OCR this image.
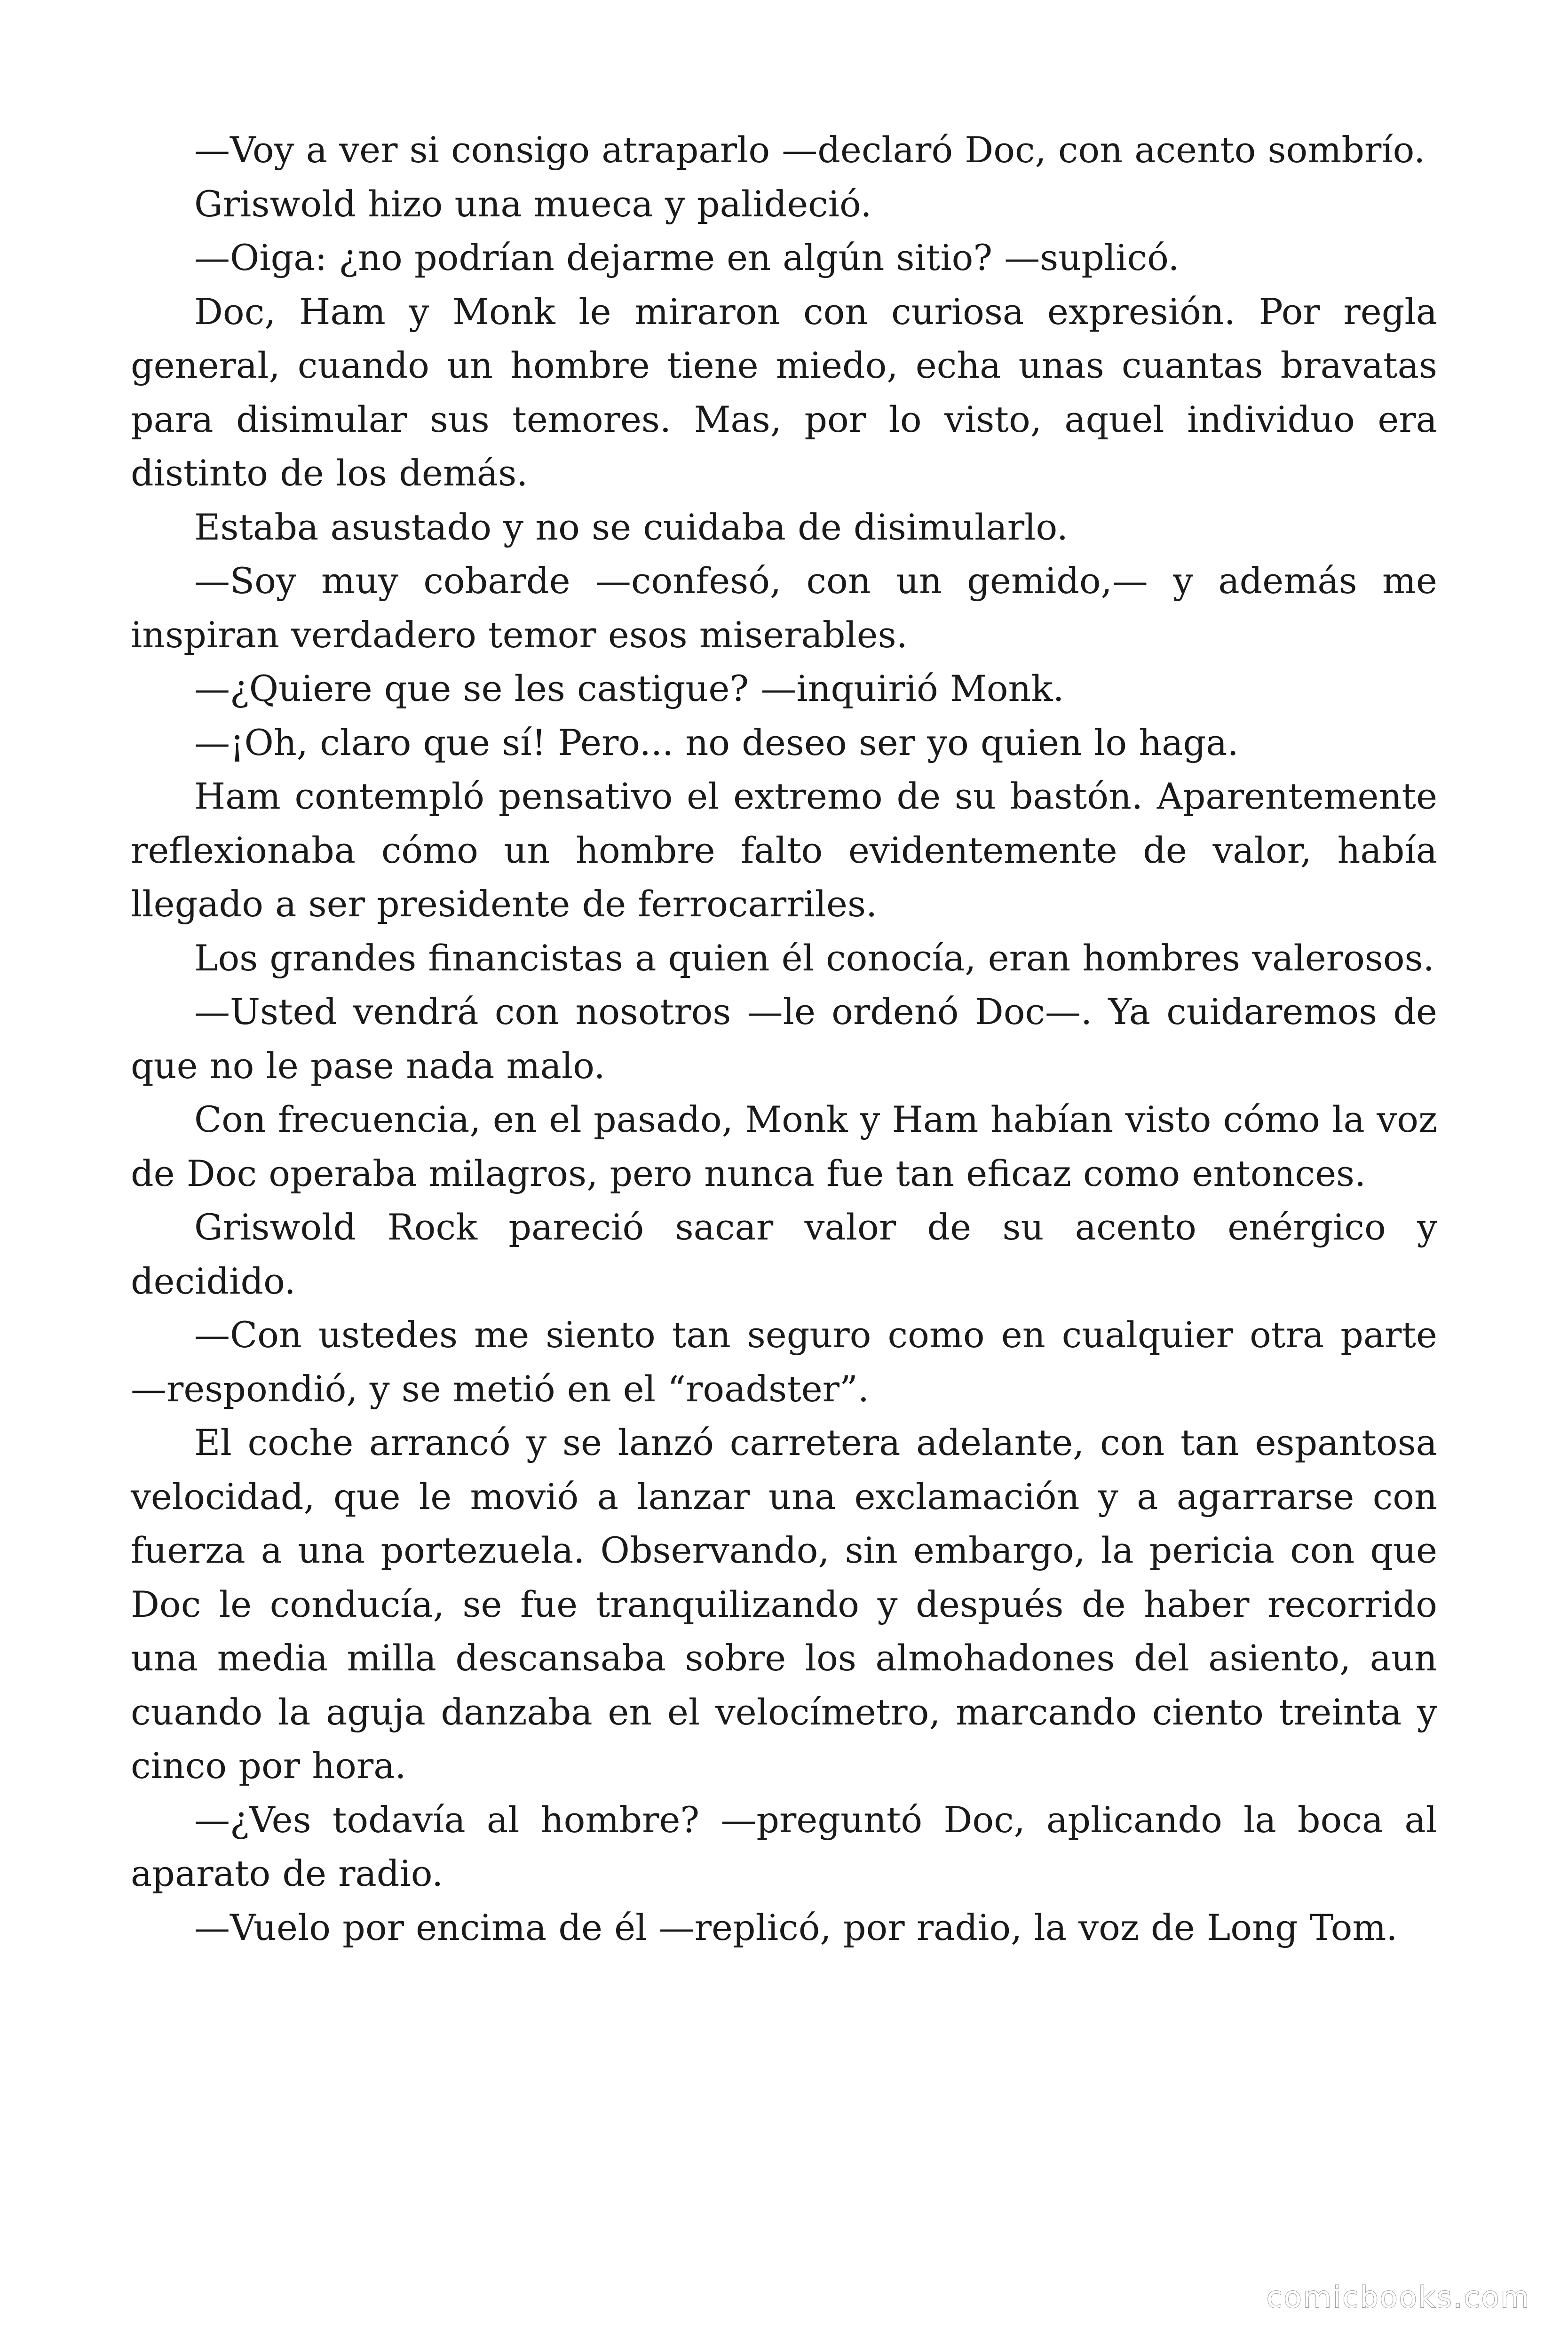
—Voy a ver si consigo atraparlo —declaró Doc, con acento sombrío.

Griswold hizo una mueca y palideció.

—Oiga: ¿no podrían dejarme en algún sitio? —suplicó.

Doc, Ham y Monk le miraron con curiosa expresión. Por regla general, cuando un hombre tiene miedo, echa unas cuantas bravatas para disimular sus temores. Mas, por lo visto, aquel individuo era distinto de los demás.

Estaba asustado y no se cuidaba de disimularlo.

—Soy muy cobarde —confesó, con un gemido,— y además me inspiran verdadero temor esos miserables.

—¿Quiere que se les castigue? —inquirió Monk.

—¡Oh, claro que sí! Pero... no deseo ser yo quien lo haga.

Ham contempló pensativo el extremo de su bastón. Aparentemente reflexionaba cómo un hombre falto evidentemente de valor, había llegado a ser presidente de ferrocarriles.

Los grandes financistas a quien él conocía, eran hombres valerosos.

—Usted vendrá con nosotros —le ordenó Doc—. Ya cuidaremos de que no le pase nada malo.

Con frecuencia, en el pasado, Monk y Ham habían visto cómo la voz de Doc operaba milagros, pero nunca fue tan eficaz como entonces.

Griswold Rock pareció sacar valor de su acento enérgico y decidido.

—Con ustedes me siento tan seguro como en cualquier otra parte —respondió, y se metió en el “roadster”.

El coche arrancó y se lanzó carretera adelante, con tan espantosa velocidad, que le movió a lanzar una exclamación y a agarrarse con fuerza a una portezuela. Observando, sin embargo, la pericia con que Doc le conducía, se fue tranquilizando y después de haber recorrido una media milla descansaba sobre los almohadones del asiento, aun cuando la aguja danzaba en el velocímetro, marcando ciento treinta y cinco por hora.

—¿Ves todavía al hombre? —preguntó Doc, aplicando la boca al aparato de radio.

—Vuelo por encima de él —replicó, por radio, la voz de Long Tom.

comicbooks.com
